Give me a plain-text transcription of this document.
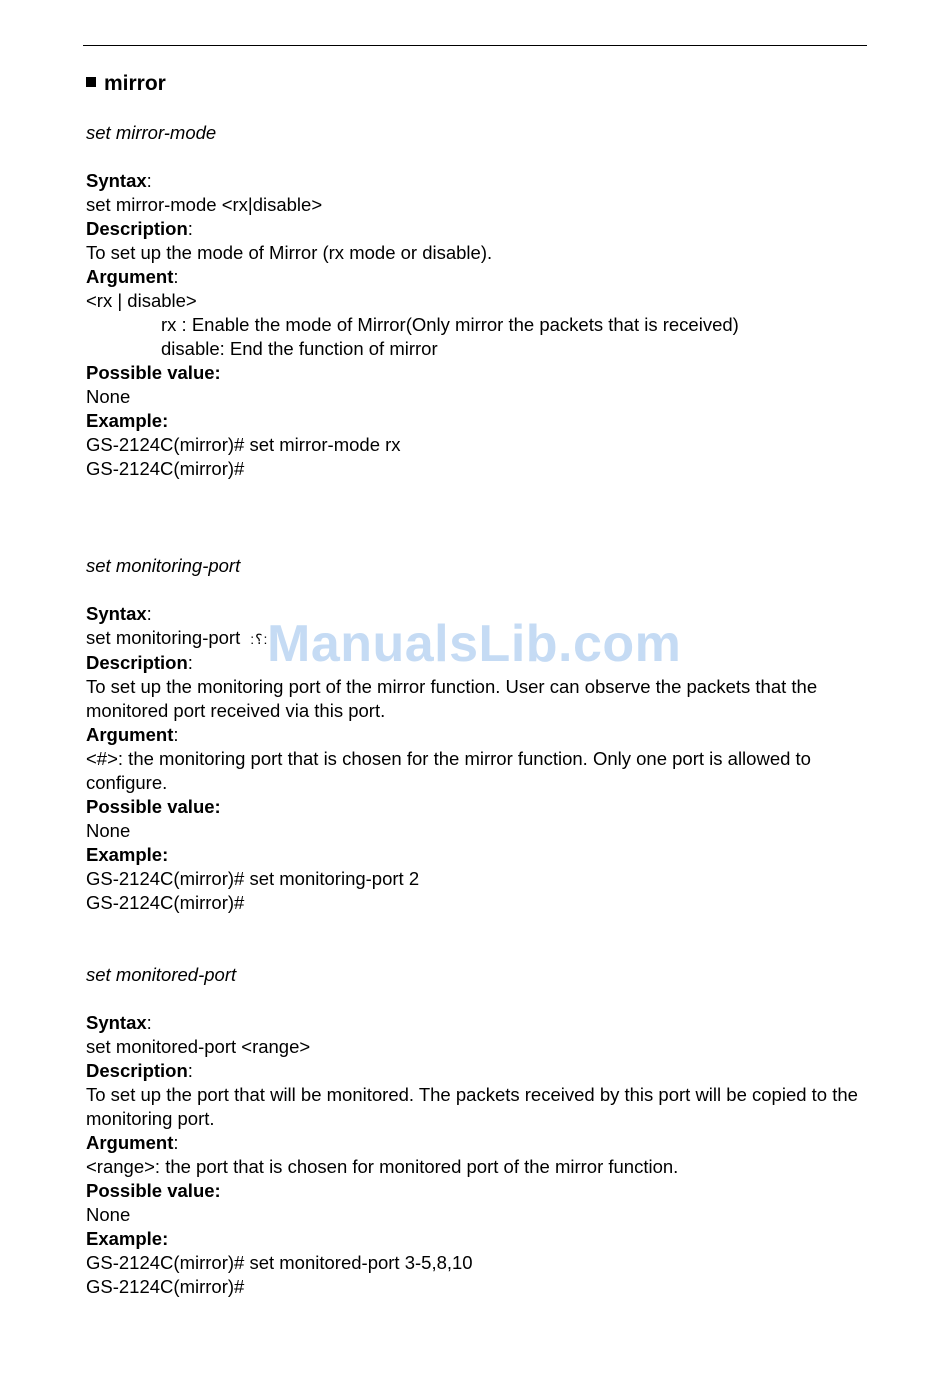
mirror
set mirror-mode
Syntax:
set mirror-mode <rx|disable>
Description:
To set up the mode of Mirror (rx mode or disable).
Argument:
<rx | disable>
rx : Enable the mode of Mirror(Only mirror the packets that is received)
disable: End the function of mirror
Possible value:
None
Example:
GS-2124C(mirror)# set mirror-mode rx
GS-2124C(mirror)#
set monitoring-port
Syntax:
set monitoring-port :⸮:
Description:
To set up the monitoring port of the mirror function. User can observe the packets that the monitored port received via this port.
Argument:
<#>: the monitoring port that is chosen for the mirror function. Only one port is allowed to configure.
Possible value:
None
Example:
GS-2124C(mirror)# set monitoring-port 2
GS-2124C(mirror)#
set monitored-port
Syntax:
set monitored-port <range>
Description:
To set up the port that will be monitored. The packets received by this port will be copied to the monitoring port.
Argument:
<range>: the port that is chosen for monitored port of the mirror function.
Possible value:
None
Example:
GS-2124C(mirror)# set monitored-port 3-5,8,10
GS-2124C(mirror)#
ManualsLib.com
